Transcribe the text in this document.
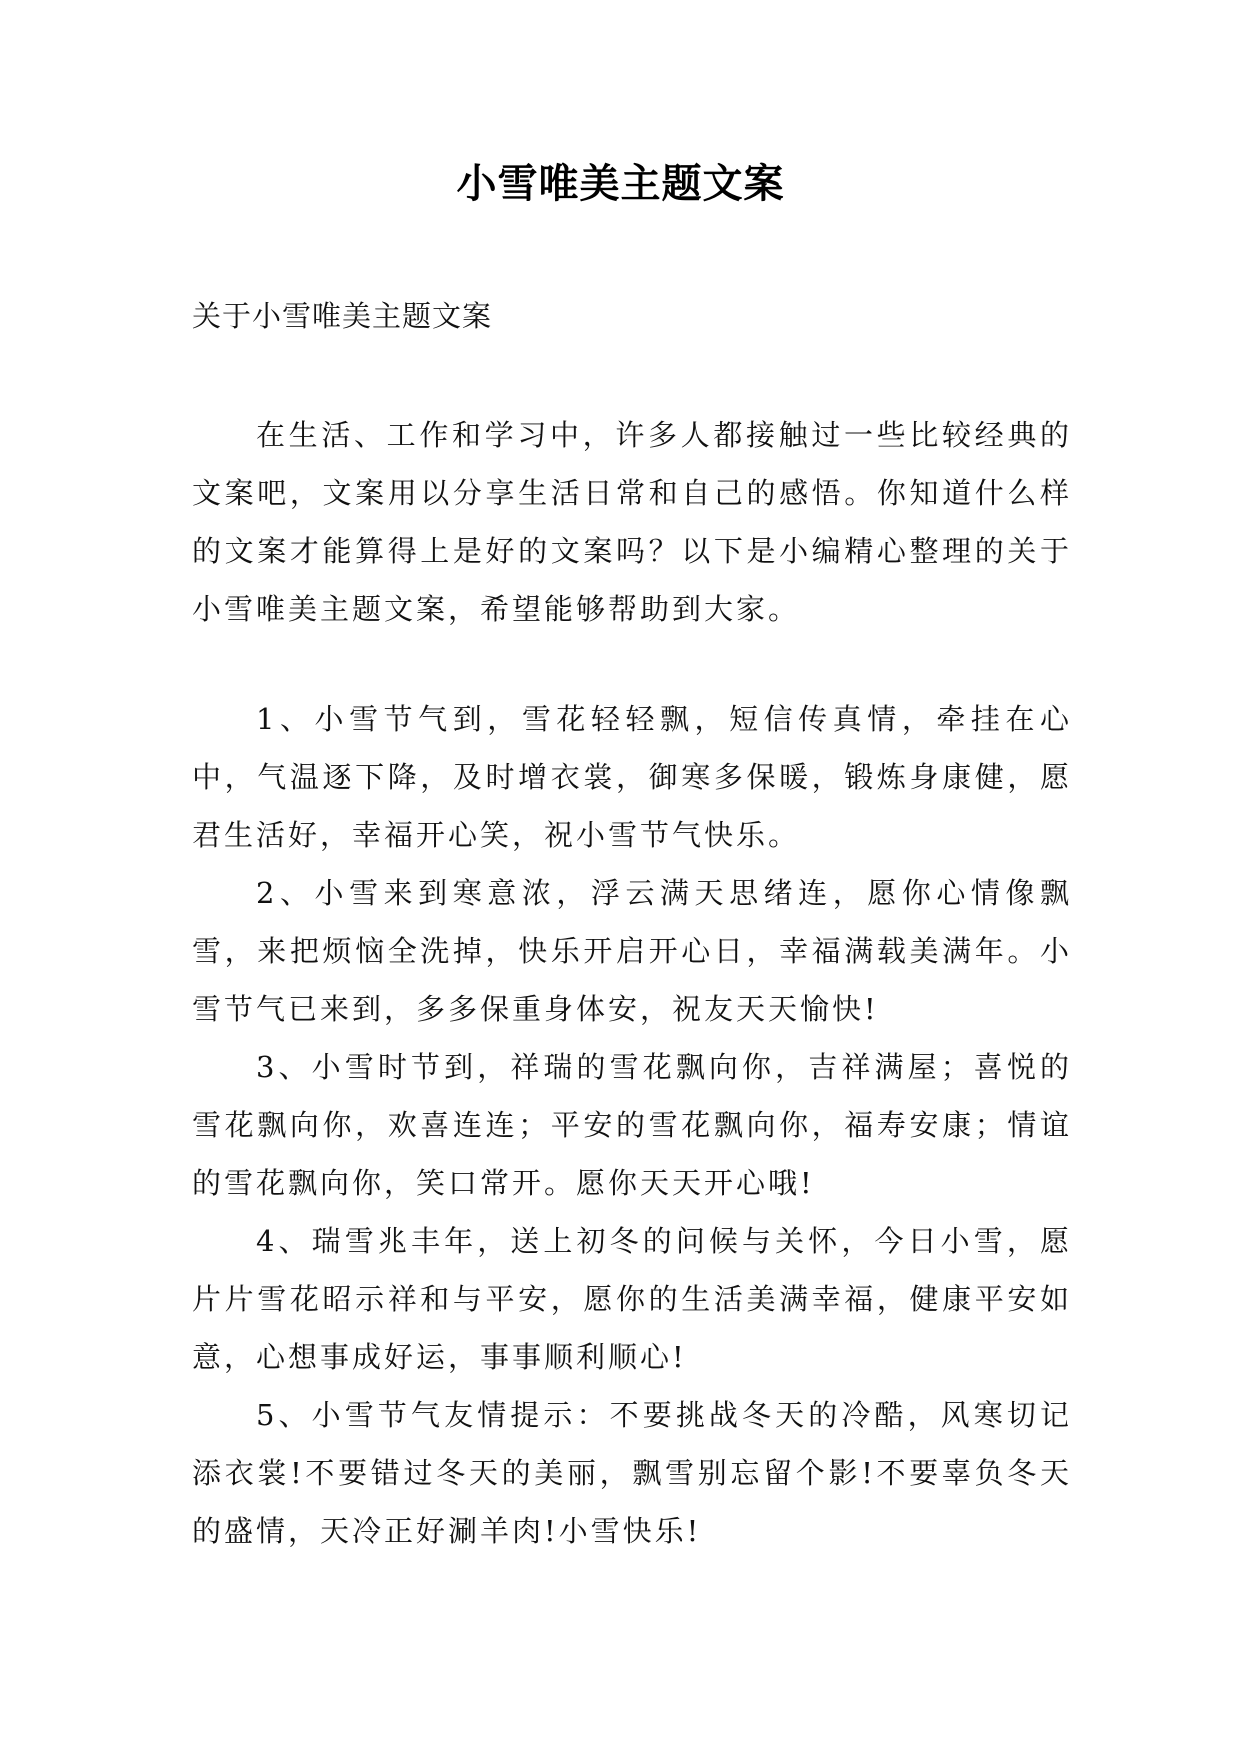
小雪唯美主题文案
关于小雪唯美主题文案

在生活、工作和学习中，许多人都接触过一些比较经典的文案吧，文案用以分享生活日常和自己的感悟。你知道什么样的文案才能算得上是好的文案吗？以下是小编精心整理的关于小雪唯美主题文案，希望能够帮助到大家。

1、小雪节气到，雪花轻轻飘，短信传真情，牵挂在心中，气温逐下降，及时增衣裳，御寒多保暖，锻炼身康健，愿君生活好，幸福开心笑，祝小雪节气快乐。

2、小雪来到寒意浓，浮云满天思绪连，愿你心情像飘雪，来把烦恼全洗掉，快乐开启开心日，幸福满载美满年。小雪节气已来到，多多保重身体安，祝友天天愉快!

3、小雪时节到，祥瑞的雪花飘向你，吉祥满屋；喜悦的雪花飘向你，欢喜连连；平安的雪花飘向你，福寿安康；情谊的雪花飘向你，笑口常开。愿你天天开心哦!

4、瑞雪兆丰年，送上初冬的问候与关怀，今日小雪，愿片片雪花昭示祥和与平安，愿你的生活美满幸福，健康平安如意，心想事成好运，事事顺利顺心!

5、小雪节气友情提示：不要挑战冬天的冷酷，风寒切记添衣裳!不要错过冬天的美丽，飘雪别忘留个影!不要辜负冬天的盛情，天冷正好涮羊肉!小雪快乐!
